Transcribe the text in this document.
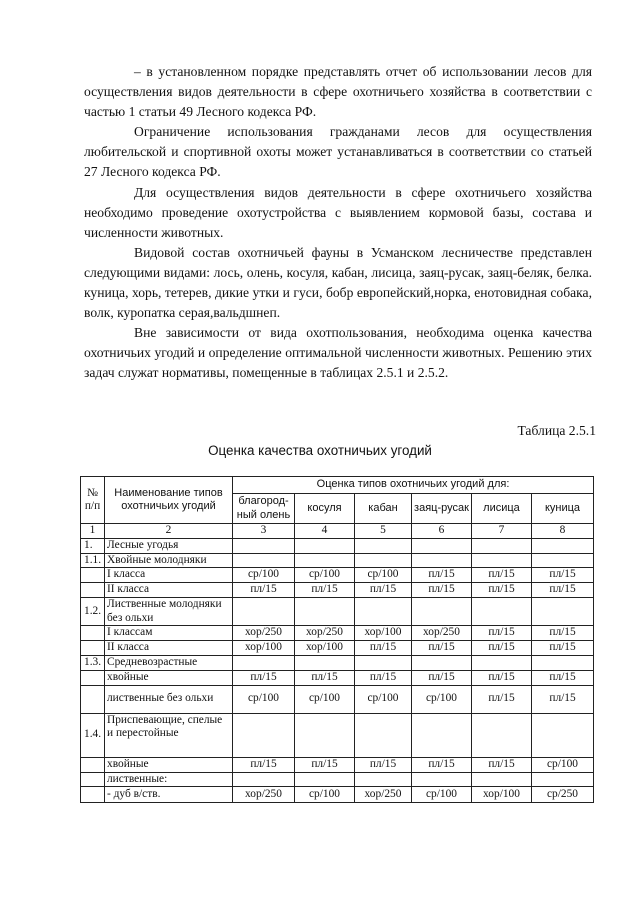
– в установленном порядке представлять отчет об использовании лесов для осуществления видов деятельности в сфере охотничьего хозяйства в соответствии с частью 1 статьи 49 Лесного кодекса РФ.

Ограничение использования гражданами лесов для осуществления любительской и спортивной охоты может устанавливаться в соответствии со статьей 27 Лесного кодекса РФ.

Для осуществления видов деятельности в сфере охотничьего хозяйства необходимо проведение охотустройства с выявлением кормовой базы, состава и численности животных.

Видовой состав охотничьей фауны в Усманском лесничестве представлен следующими видами: лось, олень, косуля, кабан, лисица, заяц-русак, заяц-беляк, белка. куница, хорь, тетерев, дикие утки и гуси, бобр европейский,норка, енотовидная собака, волк, куропатка серая,вальдшнеп.

Вне зависимости от вида охотпользования, необходима оценка качества охотничьих угодий и определение оптимальной численности животных. Решению этих задач служат нормативы, помещенные в таблицах 2.5.1 и 2.5.2.

Таблица 2.5.1
Оценка качества охотничьих угодий
№ п/п	Наименование типов охотничьих угодий	Оценка типов охотничьих угодий для:					
		благород-ный олень	косуля	кабан	заяц-русак	лисица	куница
1	2	3	4	5	6	7	8
1.	Лесные угодья						
1.1.	Хвойные молодняки						
	I класса	ср/100	ср/100	ср/100	пл/15	пл/15	пл/15
	II класса	пл/15	пл/15	пл/15	пл/15	пл/15	пл/15
1.2.	Лиственные молодняки без ольхи						
	I классам	хор/250	хор/250	хор/100	хор/250	пл/15	пл/15
	II класса	хор/100	хор/100	пл/15	пл/15	пл/15	пл/15
1.3.	Средневозрастные						
	хвойные	пл/15	пл/15	пл/15	пл/15	пл/15	пл/15
	лиственные без ольхи	ср/100	ср/100	ср/100	ср/100	пл/15	пл/15
1.4.	Приспевающие, спелые и перестойные						
	хвойные	пл/15	пл/15	пл/15	пл/15	пл/15	ср/100
	лиственные:						
	- дуб в/ств.	хор/250	ср/100	хор/250	ср/100	хор/100	ср/250
